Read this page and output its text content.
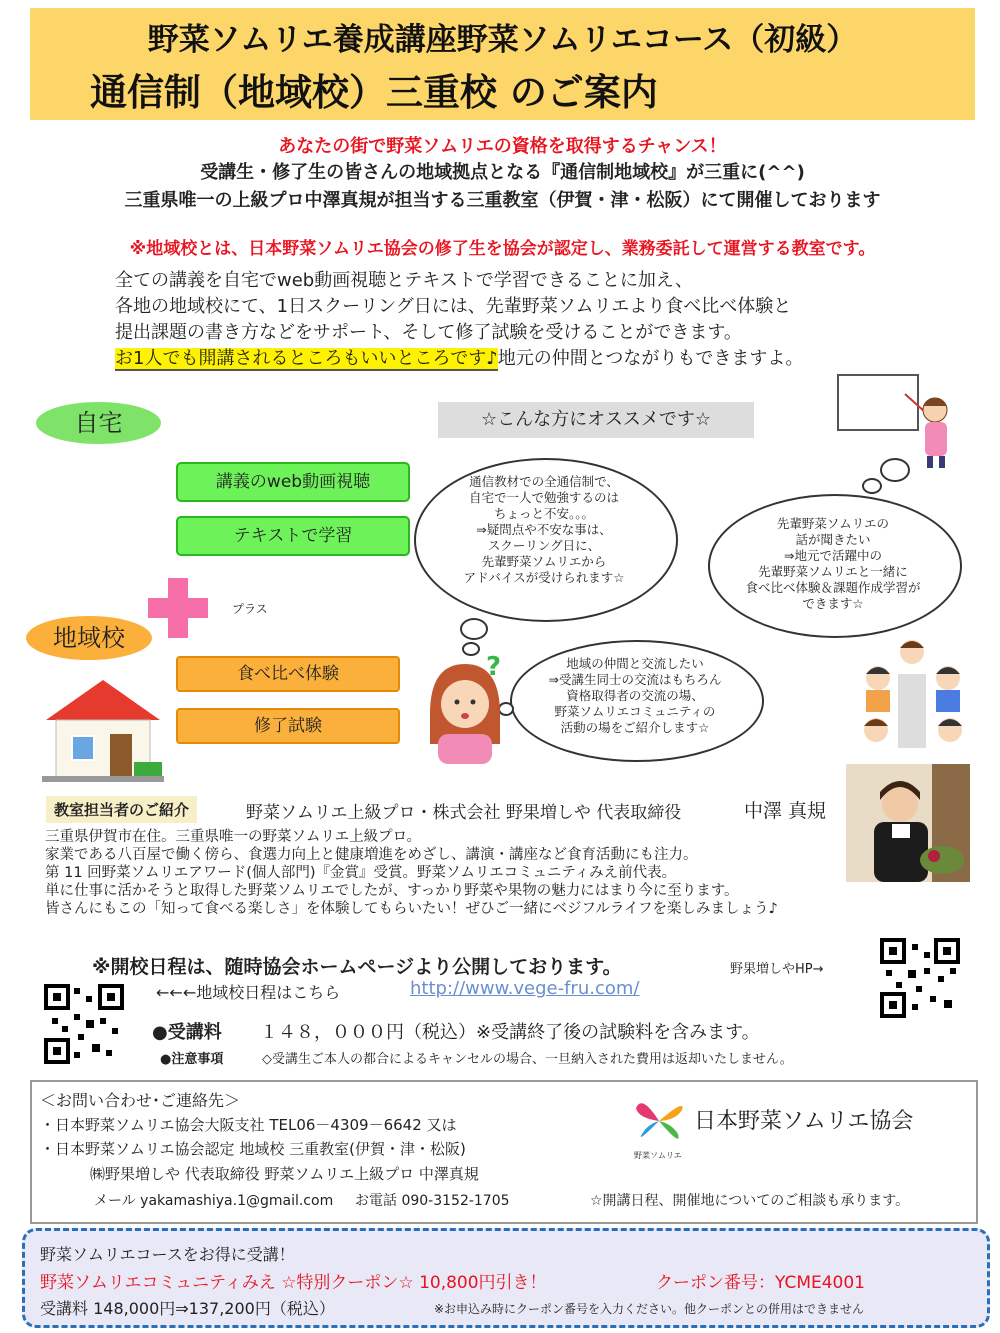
野菜ソムリエ養成講座野菜ソムリエコース（初級）
通信制（地域校）三重校 のご案内
あなたの街で野菜ソムリエの資格を取得するチャンス！
受講生・修了生の皆さんの地域拠点となる『通信制地域校』が三重に(^^)
三重県唯一の上級プロ中澤真規が担当する三重教室（伊賀・津・松阪）にて開催しております
※地域校とは、日本野菜ソムリエ協会の修了生を協会が認定し、業務委託して運営する教室です。
全ての講義を自宅でweb動画視聴とテキストで学習できることに加え、
各地の地域校にて、1日スクーリング日には、先輩野菜ソムリエより食べ比べ体験と
提出課題の書き方などをサポート、そして修了試験を受けることができます。
お1人でも開講されるところもいいところです♪地元の仲間とつながりもできますよ。
自宅	☆こんな方にオススメです☆
講義のweb動画視聴
テキストで学習
プラス
地域校
食べ比べ体験
修了試験
通信教材での全通信制で、
自宅で一人で勉強するのは
ちょっと不安。。。
⇒疑問点や不安な事は、
スクーリング日に、
先輩野菜ソムリエから
アドバイスが受けられます☆
先輩野菜ソムリエの
話が聞きたい
⇒地元で活躍中の
先輩野菜ソムリエと一緒に
食べ比べ体験＆課題作成学習が
できます☆
地域の仲間と交流したい
⇒受講生同士の交流はもちろん
資格取得者の交流の場、
野菜ソムリエコミュニティの
活動の場をご紹介します☆
?
教室担当者のご紹介	野菜ソムリエ上級プロ・株式会社 野果増しや 代表取締役	中澤 真規
三重県伊賀市在住。三重県唯一の野菜ソムリエ上級プロ。
家業である八百屋で働く傍ら、食選力向上と健康増進をめざし、講演・講座など食育活動にも注力。
第 11 回野菜ソムリエアワード(個人部門)『金賞』受賞。野菜ソムリエコミュニティみえ前代表。
単に仕事に活かそうと取得した野菜ソムリエでしたが、すっかり野菜や果物の魅力にはまり今に至ります。
皆さんにもこの「知って食べる楽しさ」を体験してもらいたい！ぜひご一緒にベジフルライフを楽しみましょう♪
※開校日程は、随時協会ホームページより公開しております。	野果増しやHP→
←←←地域校日程はこちら	http://www.vege-fru.com/
●受講料 １４８，０００円（税込）※受講終了後の試験料を含みます。
●注意事項	◇受講生ご本人の都合によるキャンセルの場合、一旦納入された費用は返却いたしません。
＜お問い合わせ･ご連絡先＞
・日本野菜ソムリエ協会大阪支社 TEL06－4309－6642 又は
・日本野菜ソムリエ協会認定 地域校 三重教室(伊賀・津・松阪)
㈱野果増しや 代表取締役 野菜ソムリエ上級プロ 中澤真規
メール yakamashiya.1@gmail.com お電話 090-3152-1705	☆開講日程、開催地についてのご相談も承ります。
野菜ソムリエ
日本野菜ソムリエ協会
野菜ソムリエコースをお得に受講！
野菜ソムリエコミュニティみえ ☆特別クーポン☆ 10,800円引き！	クーポン番号：YCME4001
受講料 148,000円⇒137,200円（税込）	※お申込み時にクーポン番号を入力ください。他クーポンとの併用はできません
